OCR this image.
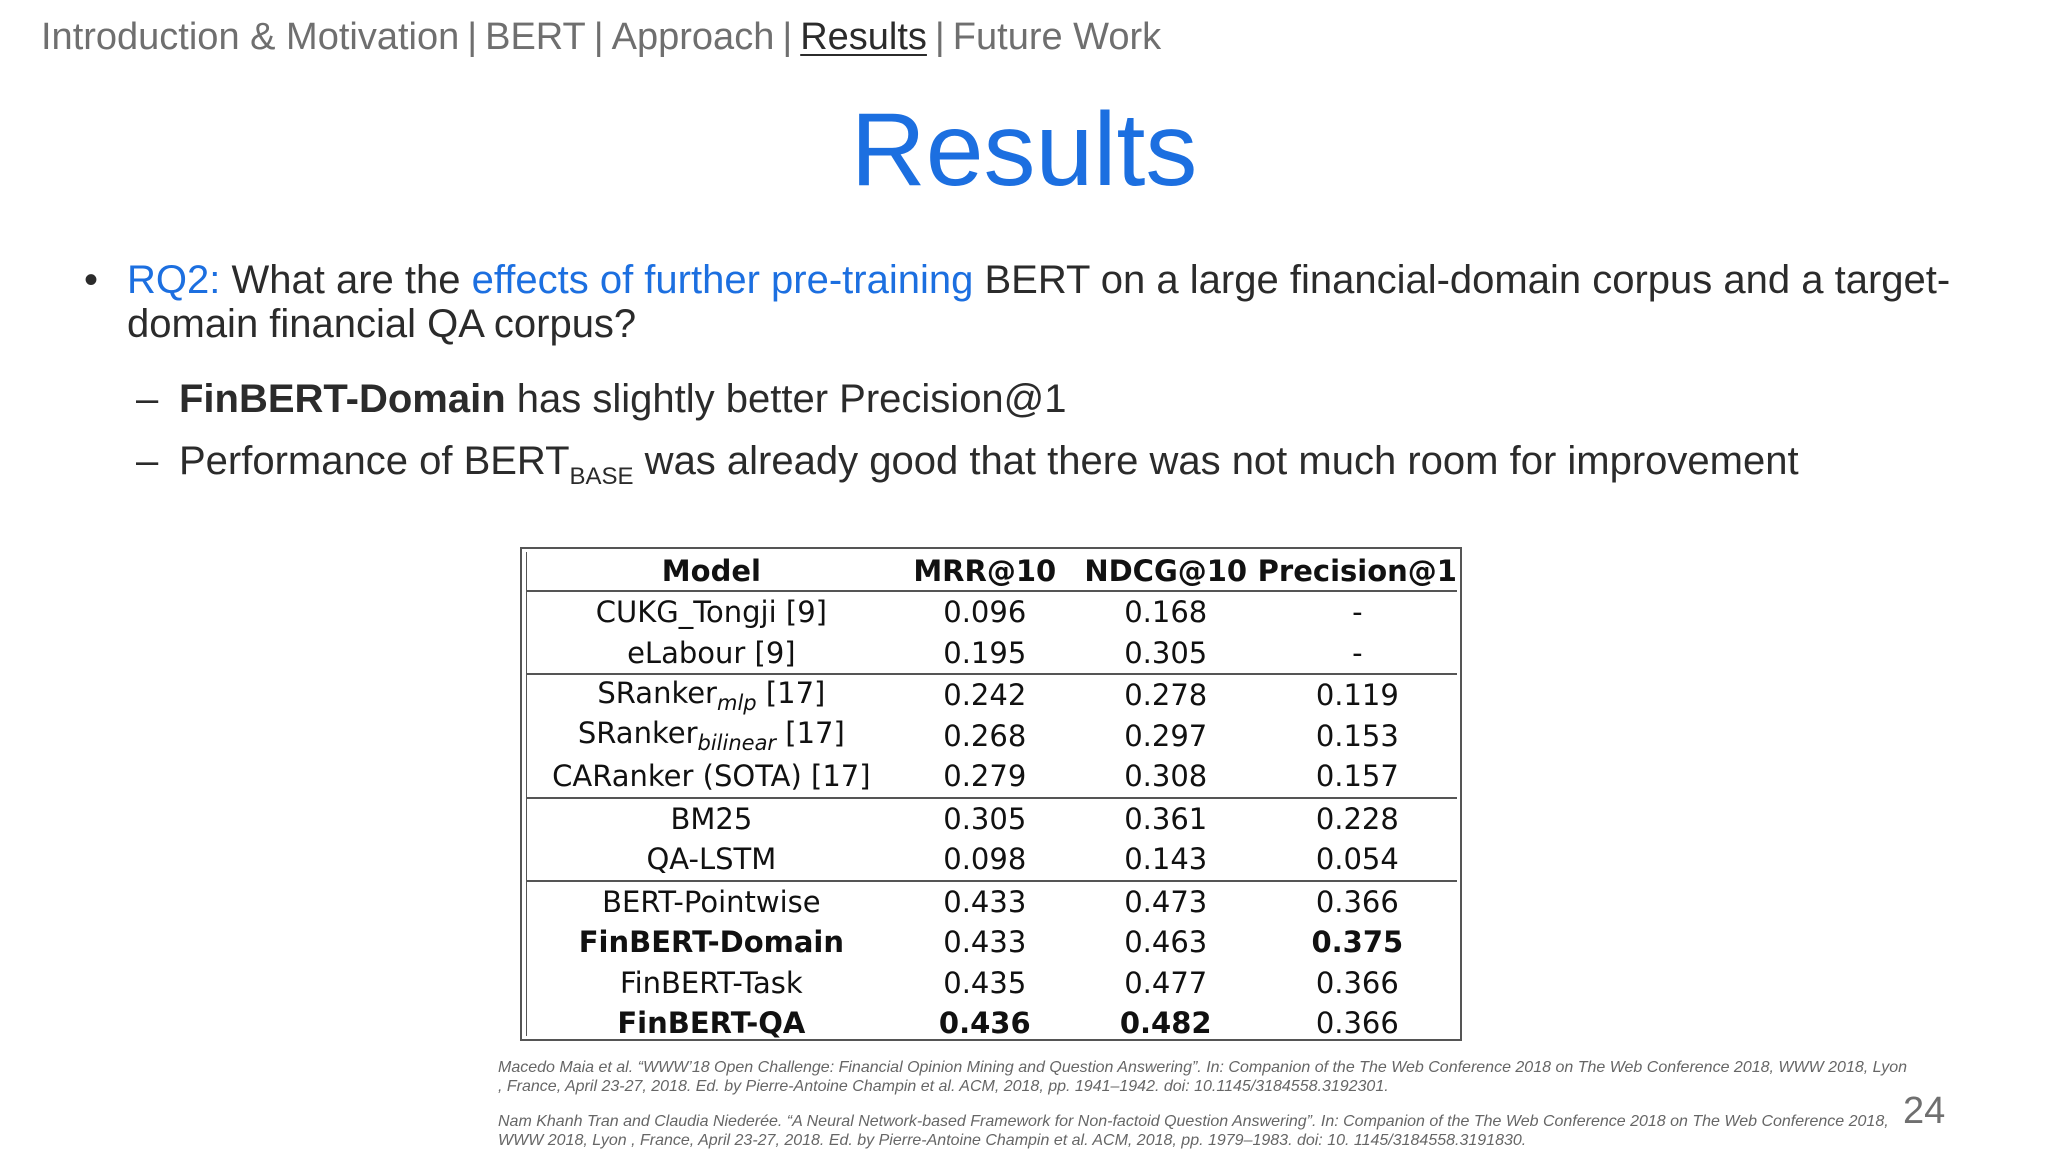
Introduction & Motivation | BERT | Approach | Results | Future Work
Results
• RQ2: What are the effects of further pre-training BERT on a large financial-domain corpus and a target-domain financial QA corpus?
– FinBERT-Domain has slightly better Precision@1
– Performance of $BERT_{BASE}$ was already good that there was not much room for improvement
Model	MRR@10	NDCG@10	Precision@1
CUKG_Tongji [9]	0.096	0.168	-
eLabour [9]	0.195	0.305	-
SRanker$_{mlp}$ [17]	0.242	0.278	0.119
SRanker$_{bilinear}$ [17]	0.268	0.297	0.153
CARanker (SOTA) [17]	0.279	0.308	0.157
BM25	0.305	0.361	0.228
QA-LSTM	0.098	0.143	0.054
BERT-Pointwise	0.433	0.473	0.366
FinBERT-Domain	0.433	0.463	0.375
FinBERT-Task	0.435	0.477	0.366
FinBERT-QA	0.436	0.482	0.366
Macedo Maia et al. “WWW’18 Open Challenge: Financial Opinion Mining and Question Answering”. In: Companion of the The Web Conference 2018 on The Web Conference 2018, WWW 2018, Lyon , France, April 23-27, 2018. Ed. by Pierre-Antoine Champin et al. ACM, 2018, pp. 1941–1942. doi: 10.1145/3184558.3192301.
Nam Khanh Tran and Claudia Niederée. “A Neural Network-based Framework for Non-factoid Question Answering”. In: Companion of the The Web Conference 2018 on The Web Conference 2018, WWW 2018, Lyon , France, April 23-27, 2018. Ed. by Pierre-Antoine Champin et al. ACM, 2018, pp. 1979–1983. doi: 10. 1145/3184558.3191830.
24
